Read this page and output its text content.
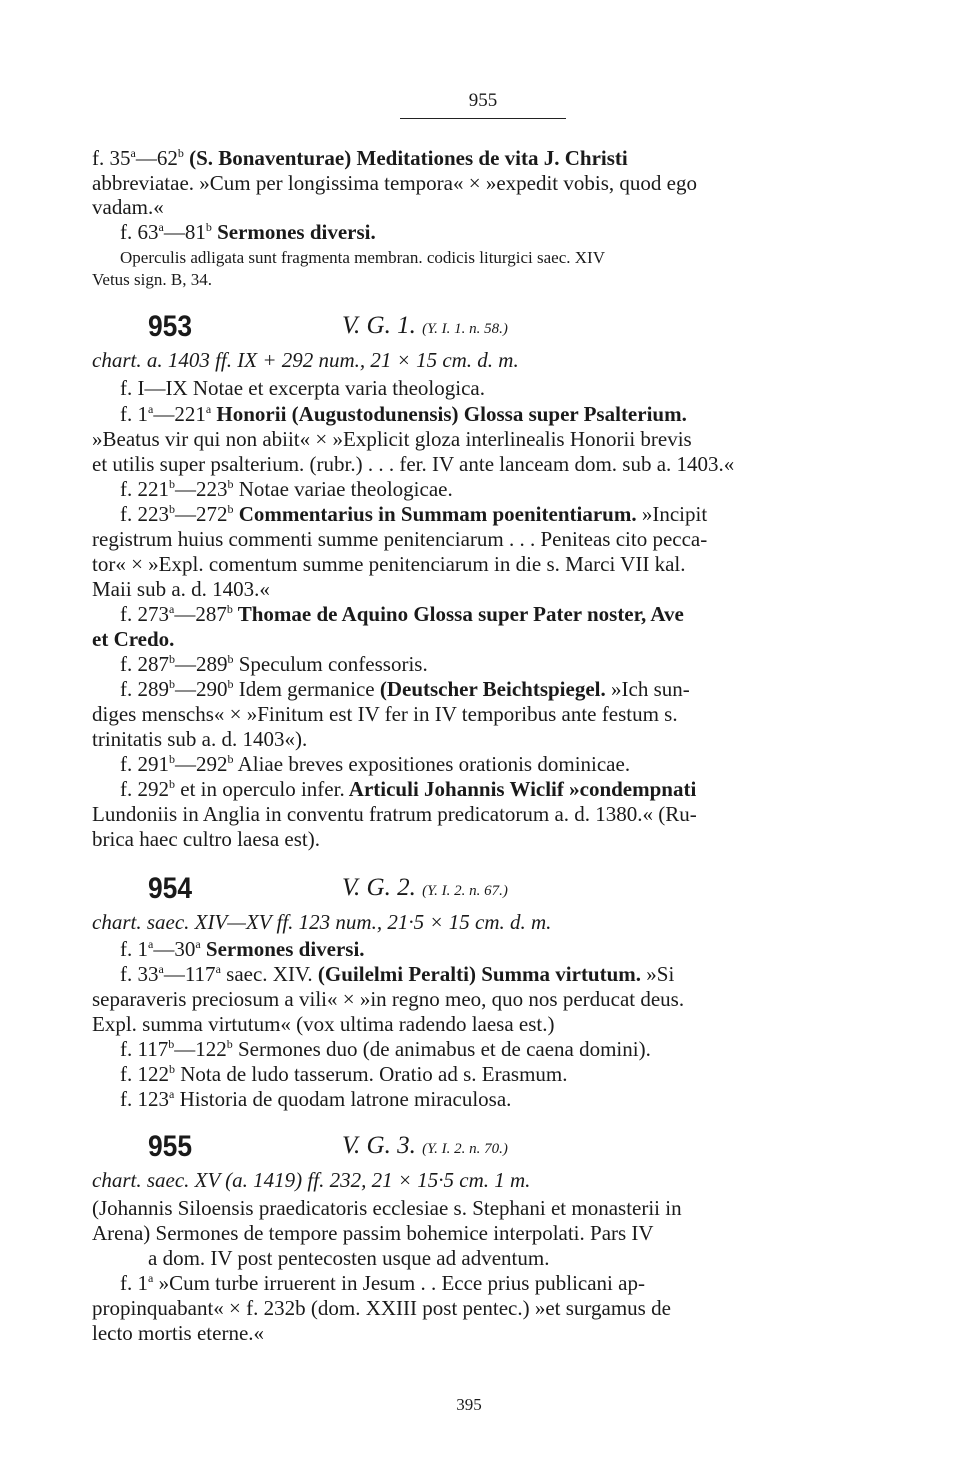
955
f. 35$^a$—62$^b$ (S. Bonaventurae) Meditationes de vita J. Christi
abbreviatae. »Cum per longissima tempora« × »expedit vobis, quod ego
vadam.«
f. 63$^a$—81$^b$ Sermones diversi.
Operculis adligata sunt fragmenta membran. codicis liturgici saec. XIV
Vetus sign. B, 34.
953	V. G. 1. (Y. I. 1. n. 58.)
chart. a. 1403 ff. IX + 292 num., 21 × 15 cm. d. m.
f. I—IX Notae et excerpta varia theologica.
f. 1$^a$—221$^a$ Honorii (Augustodunensis) Glossa super Psalterium.
»Beatus vir qui non abiit« × »Explicit gloza interlinealis Honorii brevis
et utilis super psalterium. (rubr.) . . . fer. IV ante lanceam dom. sub a. 1403.«
f. 221$^b$—223$^b$ Notae variae theologicae.
f. 223$^b$—272$^b$ Commentarius in Summam poenitentiarum. »Incipit
registrum huius commenti summe penitenciarum . . . Peniteas cito pecca-
tor« × »Expl. comentum summe penitenciarum in die s. Marci VII kal.
Maii sub a. d. 1403.«
f. 273$^a$—287$^b$ Thomae de Aquino Glossa super Pater noster, Ave
et Credo.
f. 287$^b$—289$^b$ Speculum confessoris.
f. 289$^b$—290$^b$ Idem germanice (Deutscher Beichtspiegel. »Ich sun-
diges menschs« × »Finitum est IV fer in IV temporibus ante festum s.
trinitatis sub a. d. 1403«).
f. 291$^b$—292$^b$ Aliae breves expositiones orationis dominicae.
f. 292$^b$ et in operculo infer. Articuli Johannis Wiclif »condempnati
Lundoniis in Anglia in conventu fratrum predicatorum a. d. 1380.« (Ru-
brica haec cultro laesa est).
954	V. G. 2. (Y. I. 2. n. 67.)
chart. saec. XIV—XV ff. 123 num., 21·5 × 15 cm. d. m.
f. 1$^a$—30$^a$ Sermones diversi.
f. 33$^a$—117$^a$ saec. XIV. (Guilelmi Peralti) Summa virtutum. »Si
separaveris preciosum a vili« × »in regno meo, quo nos perducat deus.
Expl. summa virtutum« (vox ultima radendo laesa est.)
f. 117$^b$—122$^b$ Sermones duo (de animabus et de caena domini).
f. 122$^b$ Nota de ludo tasserum. Oratio ad s. Erasmum.
f. 123$^a$ Historia de quodam latrone miraculosa.
955	V. G. 3. (Y. I. 2. n. 70.)
chart. saec. XV (a. 1419) ff. 232, 21 × 15·5 cm. 1 m.
(Johannis Siloensis praedicatoris ecclesiae s. Stephani et monasterii in
Arena) Sermones de tempore passim bohemice interpolati. Pars IV
a dom. IV post pentecosten usque ad adventum.
f. 1$^a$ »Cum turbe irruerent in Jesum . . Ecce prius publicani ap-
propinquabant« × f. 232b (dom. XXIII post pentec.) »et surgamus de
lecto mortis eterne.«
395
